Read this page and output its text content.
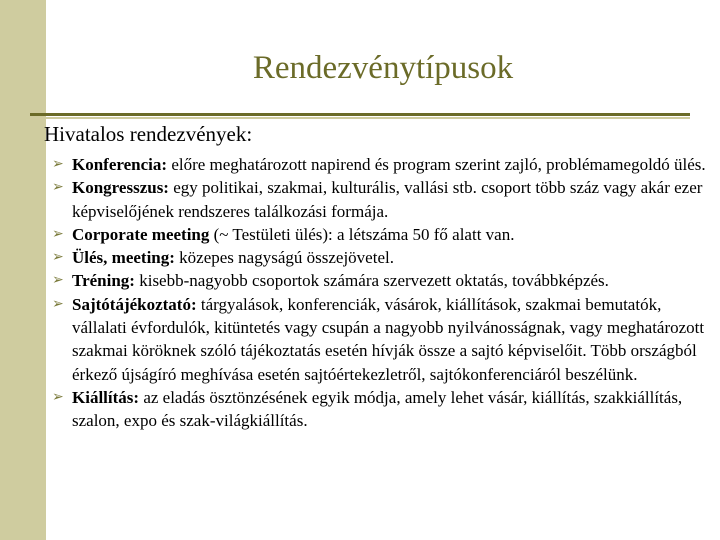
Rendezvénytípusok
Hivatalos rendezvények:
➢ Konferencia: előre meghatározott napirend és program szerint zajló, problémamegoldó ülés.
➢ Kongresszus: egy politikai, szakmai, kulturális, vallási stb. csoport több száz vagy akár ezer képviselőjének rendszeres találkozási formája.
➢ Corporate meeting (~ Testületi ülés): a létszáma 50 fő alatt van.
➢ Ülés, meeting: közepes nagyságú összejövetel.
➢ Tréning: kisebb-nagyobb csoportok számára szervezett oktatás, továbbképzés.
➢ Sajtótájékoztató: tárgyalások, konferenciák, vásárok, kiállítások, szakmai bemutatók, vállalati évfordulók, kitüntetés vagy csupán a nagyobb nyilvánosságnak, vagy meghatározott szakmai köröknek szóló tájékoztatás esetén hívják össze a sajtó képviselőit. Több országból érkező újságíró meghívása esetén sajtóértekezletről, sajtókonferenciáról beszélünk.
➢ Kiállítás: az eladás ösztönzésének egyik módja, amely lehet vásár, kiállítás, szakkiállítás, szalon, expo és szak-világkiállítás.
